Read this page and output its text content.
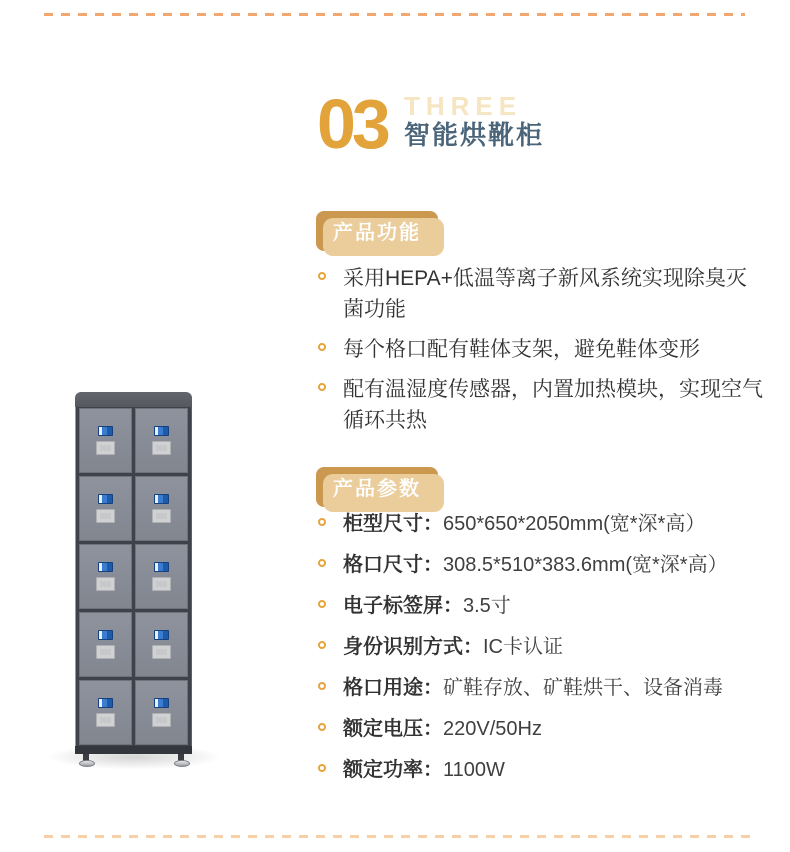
03 THREE
智能烘靴柜
产品功能
采用HEPA+低温等离子新风系统实现除臭灭菌功能
每个格口配有鞋体支架，避免鞋体变形
配有温湿度传感器，内置加热模块，实现空气循环共热
产品参数
柜型尺寸：650*650*2050mm(宽*深*高）
格口尺寸：308.5*510*383.6mm(宽*深*高）
电子标签屏：3.5寸
身份识别方式：IC卡认证
格口用途：矿鞋存放、矿鞋烘干、设备消毒
额定电压：220V/50Hz
额定功率：1100W
